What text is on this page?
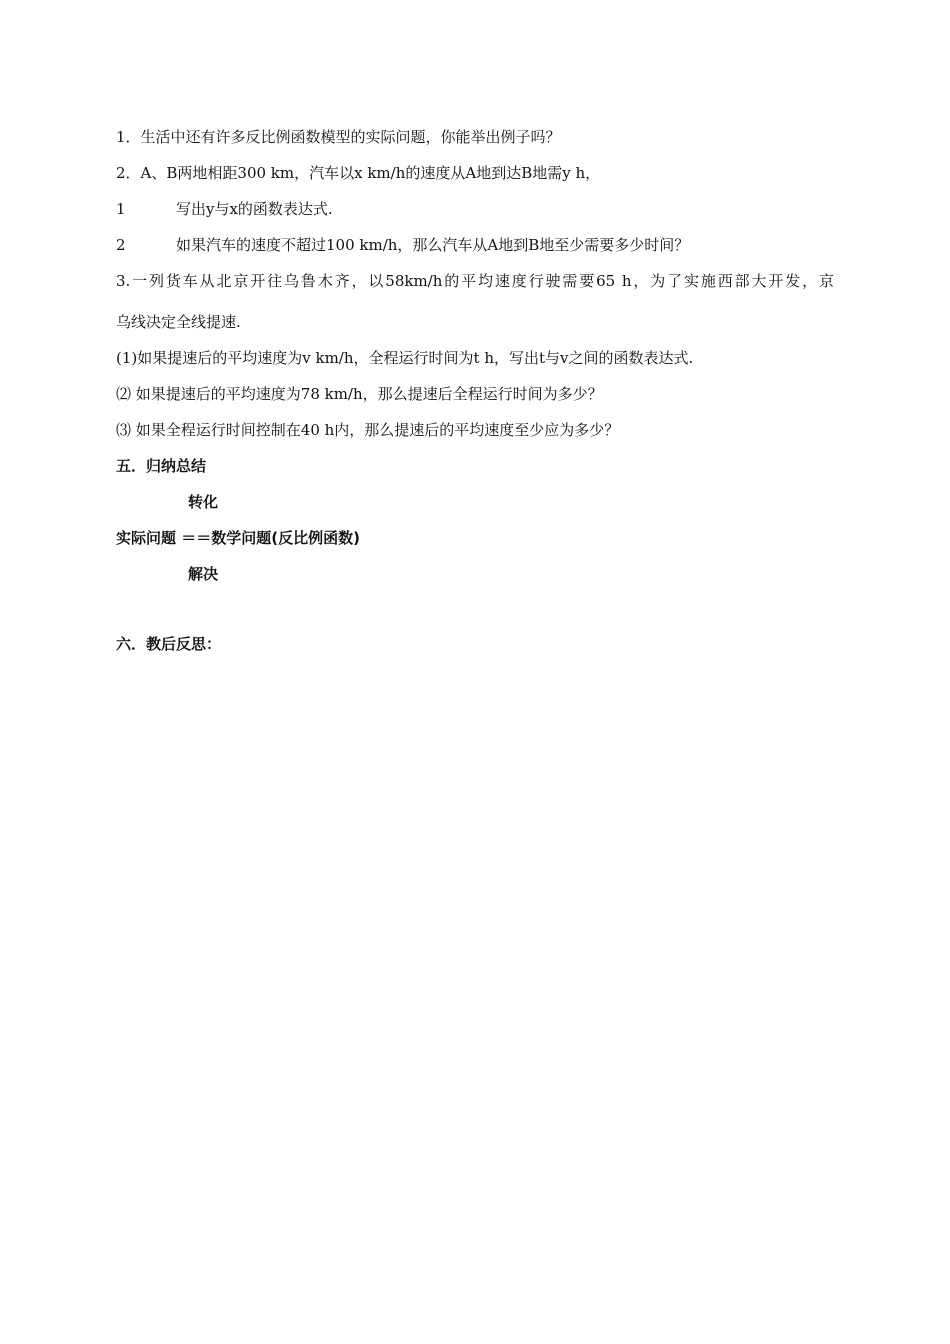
1．生活中还有许多反比例函数模型的实际问题，你能举出例子吗？
2．A、B两地相距300 km，汽车以x km/h的速度从A地到达B地需y h，
1	写出y与x的函数表达式.
2	如果汽车的速度不超过100 km/h，那么汽车从A地到B地至少需要多少时间？
3.一列货车从北京开往乌鲁木齐，以58km/h的平均速度行驶需要65 h，为了实施西部大开发，京
乌线决定全线提速.
(1)如果提速后的平均速度为v km/h，全程运行时间为t h，写出t与v之间的函数表达式.
⑵ 如果提速后的平均速度为78 km/h，那么提速后全程运行时间为多少？
⑶ 如果全程运行时间控制在40 h内，那么提速后的平均速度至少应为多少？
五．归纳总结
转化
实际问题 ＝＝数学问题(反比例函数)
解决
六．教后反思：
